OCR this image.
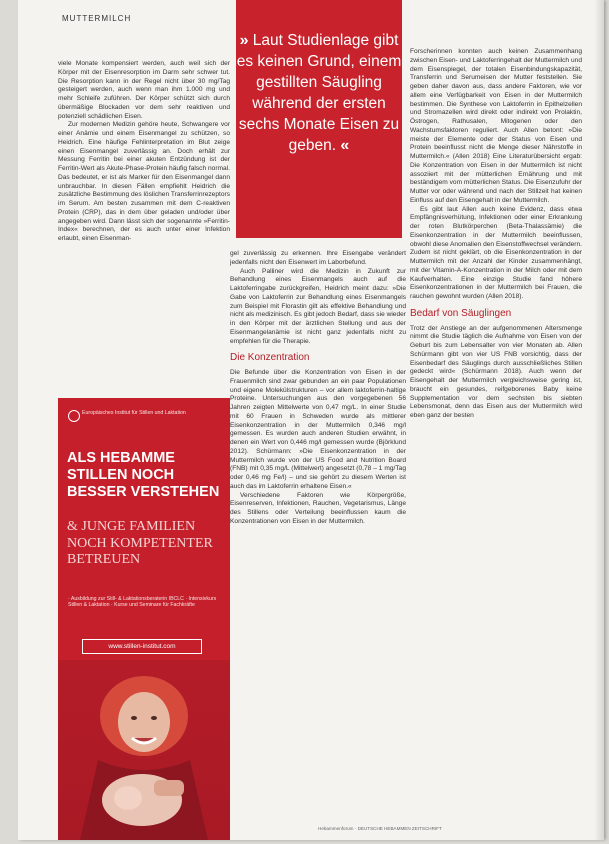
MUTTERMILCH
» Laut Studienlage gibt es keinen Grund, einem gestillten Säugling während der ersten sechs Monate Eisen zu geben. «

viele Monate kompensiert werden, auch weil sich der Körper mit der Eisenresorption im Darm sehr schwer tut. Die Resorption kann in der Regel nicht über 30 mg/Tag gesteigert werden, auch wenn man ihm 1.000 mg und mehr Schleife zuführen. Der Körper schützt sich durch übermäßige Blockaden vor dem sehr reaktiven und potenziell schädlichen Eisen.

Zur modernen Medizin gehöre heute, Schwangere vor einer Anämie und einem Eisenmangel zu schützen, so Heidrich. Eine häufige Fehlinterpretation im Blut zeige einen Eisenmangel zuverlässig an. Doch erhält zur Messung Ferritin bei einer akuten Entzündung ist der Ferritin-Wert als Akute-Phase-Protein häufig falsch normal. Das bedeutet, er ist als Marker für den Eisenmangel dann unbrauchbar. In diesen Fällen empfiehlt Heidrich die zusätzliche Bestimmung des löslichen Transferrinrezeptors im Serum. Am besten zusammen mit dem C-reaktiven Protein (CRP), das in dem über geladen und/oder über angegeben wird. Dann lässt sich der sogenannte »Ferritin-Index« berechnen, der es auch unter einer Infektion erlaubt, einen Eisenman-

gel zuverlässig zu erkennen. Ihre Eisengabe verändert jedenfalls nicht den Eisenwert im Laborbefund.

Auch Palliner wird die Medizin in Zukunft zur Behandlung eines Eisenmangels auch auf die Laktoferringabe zurückgreifen, Heidrich meint dazu: »Die Gabe von Laktoferrin zur Behandlung eines Eisenmangels zum Beispiel mit Florastin gilt als effektive Behandlung und nicht als medizinisch. Es gibt jedoch Bedarf, dass sie wieder in den Körper mit der ärztlichen Stellung und aus der Eisenmangelanämie ist nicht ganz jedenfalls nicht zu empfehlen für die Therapie.

Die Konzentration

Die Befunde über die Konzentration von Eisen in der Frauenmilch sind zwar gebunden an ein paar Populationen und eigene Molekülstrukturen – vor allem laktoferrin-haltige Proteine. Untersuchungen aus den vorgegebenen 56 Jahren zeigten Mittelwerte von 0,47 mg/L. In einer Studie mit 60 Frauen in Schweden wurde als mittlerer Eisenkonzentration in der Muttermilch 0,346 mg/l gemessen. Es wurden auch anderen Studien erwähnt, in denen ein Wert von 0,446 mg/l gemessen wurde (Björklund 2012). Schürmann: »Die Eisenkonzentration in der Muttermilch wurde von der US Food and Nutrition Board (FNB) mit 0,35 mg/L (Mittelwert) angesetzt (0,78 – 1 mg/Tag oder 0,46 mg Fe/l) – und sie gehört zu diesem Werten ist auch das im Laktoferrin erhaltene Eisen.«

Verschiedene Faktoren wie Körpergröße, Eisenreserven, Infektionen, Rauchen, Vegetarismus, Länge des Stillens oder Verteilung beeinflussen kaum die Konzentrationen von Eisen in der Muttermilch.

Forscherinnen konnten auch keinen Zusammenhang zwischen Eisen- und Laktoferringehalt der Muttermilch und dem Eisenspiegel, der totalen Eisenbindungskapazität, Transferrin und Serumeisen der Mutter feststellen. Sie geben daher davon aus, dass andere Faktoren, wie vor allem eine Verfügbarkeit von Eisen in der Muttermilch bestimmen. Die Synthese von Laktoferrin in Epithelzellen und Stromazellen wird direkt oder indirekt von Prolaktin, Östrogen, Rathusalen, Mitogenen oder den Wachstumsfaktoren reguliert. Auch Allen betont: »Die meiste der Elemente oder der Status von Eisen und Protein beeinflusst nicht die Menge dieser Nährstoffe in Muttermilch.« (Allen 2018) Eine Literaturübersicht ergab: Die Konzentration von Eisen in der Muttermilch ist nicht assoziiert mit der mütterlichen Ernährung und mit beständigem vom mütterlichen Status. Die Eisenzufuhr der Mutter vor oder während und nach der Stillzeit hat keinen Einfluss auf den Eisengehalt in der Muttermilch.

Es gibt laut Allen auch keine Evidenz, dass etwa Empfängnisverhütung, Infektionen oder einer Erkrankung der roten Blutkörperchen (Beta-Thalassämie) die Eisenkonzentration in der Muttermilch beeinflussen, obwohl diese Anomalien den Eisenstoffwechsel verändern. Zudem ist nicht geklärt, ob die Eisenkonzentration in der Muttermilch mit der Anzahl der Kinder zusammenhängt, mit der Vitamin-A-Konzentration in der Milch oder mit dem Kaufverhalten. Eine einzige Studie fand höhere Eisenkonzentrationen in der Muttermilch bei Frauen, die rauchen gewohnt wurden (Allen 2018).

Bedarf von Säuglingen

Trotz der Anstiege an der aufgenommenen Altersmenge nimmt die Studie täglich die Aufnahme von Eisen von der Geburt bis zum Lebensalter von vier Monaten ab. Allen Schürmann gibt von vier US FNB vorsichtig, dass der Eisenbedarf des Säuglings durch ausschließliches Stillen gedeckt wird« (Schürmann 2018). Auch wenn der Eisengehalt der Muttermilch vergleichsweise gering ist, braucht ein gesundes, reifgeborenes Baby keine Supplementation vor dem sechsten bis siebten Lebensmonat, denn das Eisen aus der Muttermilch wird eben ganz der besten

Europäisches Institut für Stillen und Laktation
ALS HEBAMME STILLEN NOCH BESSER VERSTEHEN
& JUNGE FAMILIEN NOCH KOMPETENTER BETREUEN
· Ausbildung zur Still- & Laktationsberaterin IBCLC · Intensivkurs Stillen & Laktation · Kurse und Seminare für Fachkräfte
www.stillen-institut.com
Hebammenforum · DEUTSCHE HEBAMMEN ZEITSCHRIFT
